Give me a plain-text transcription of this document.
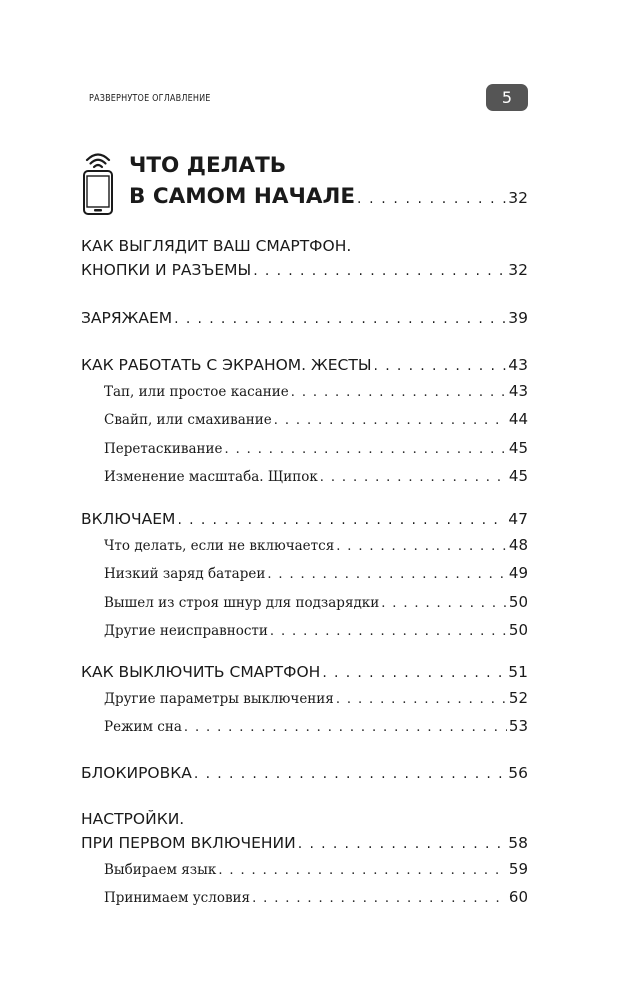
РАЗВЕРНУТОЕ ОГЛАВЛЕНИЕ	5
ЧТО ДЕЛАТЬ
В САМОМ НАЧАЛЕ . . .	32
КАК ВЫГЛЯДИТ ВАШ СМАРТФОН.
КНОПКИ И РАЗЪЕМЫ . . .	32
ЗАРЯЖАЕМ . . .	39
КАК РАБОТАТЬ С ЭКРАНОМ. ЖЕСТЫ . . .	43
Тап, или простое касание . . .	43
Свайп, или смахивание . . .	44
Перетаскивание . . .	45
Изменение масштаба. Щипок . . .	45
ВКЛЮЧАЕМ . . .	47
Что делать, если не включается . . .	48
Низкий заряд батареи . . .	49
Вышел из строя шнур для подзарядки . . .	50
Другие неисправности . . .	50
КАК ВЫКЛЮЧИТЬ СМАРТФОН . . .	51
Другие параметры выключения . . .	52
Режим сна . . .	53
БЛОКИРОВКА . . .	56
НАСТРОЙКИ.
ПРИ ПЕРВОМ ВКЛЮЧЕНИИ . . .	58
Выбираем язык . . .	59
Принимаем условия . . .	60
